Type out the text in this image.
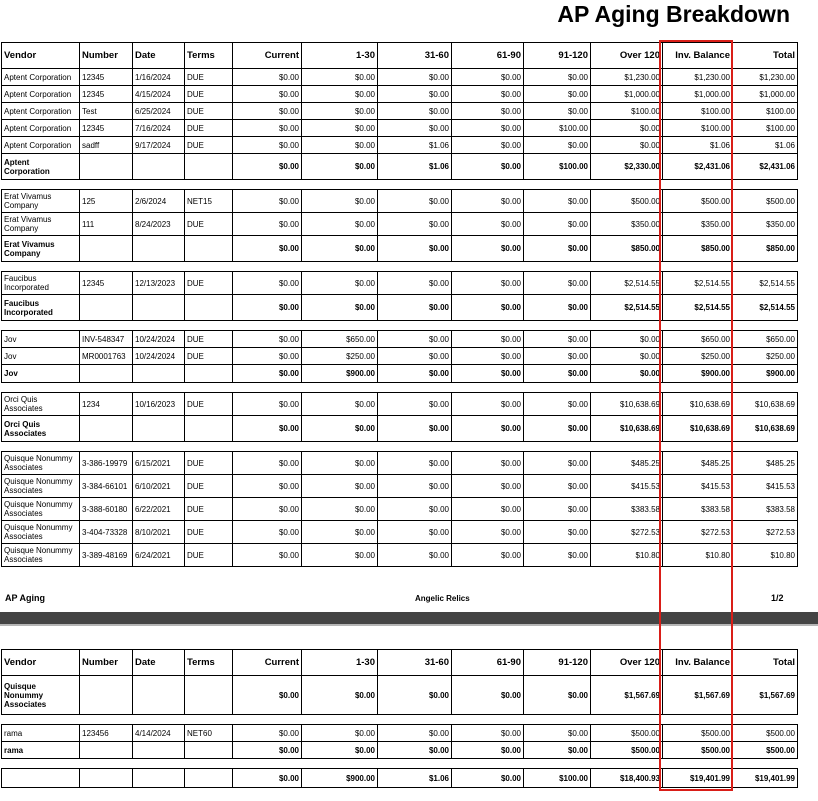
AP Aging Breakdown
Vendor	Number	Date	Terms	Current	1-30	31-60	61-90	91-120	Over 120	Inv. Balance	Total
Aptent Corporation	12345	1/16/2024	DUE	$0.00	$0.00	$0.00	$0.00	$0.00	$1,230.00	$1,230.00	$1,230.00
Aptent Corporation	12345	4/15/2024	DUE	$0.00	$0.00	$0.00	$0.00	$0.00	$1,000.00	$1,000.00	$1,000.00
Aptent Corporation	Test	6/25/2024	DUE	$0.00	$0.00	$0.00	$0.00	$0.00	$100.00	$100.00	$100.00
Aptent Corporation	12345	7/16/2024	DUE	$0.00	$0.00	$0.00	$0.00	$100.00	$0.00	$100.00	$100.00
Aptent Corporation	sadff	9/17/2024	DUE	$0.00	$0.00	$1.06	$0.00	$0.00	$0.00	$1.06	$1.06
Aptent Corporation				$0.00	$0.00	$1.06	$0.00	$100.00	$2,330.00	$2,431.06	$2,431.06

Erat Vivamus Company	125	2/6/2024	NET15	$0.00	$0.00	$0.00	$0.00	$0.00	$500.00	$500.00	$500.00
Erat Vivamus Company	111	8/24/2023	DUE	$0.00	$0.00	$0.00	$0.00	$0.00	$350.00	$350.00	$350.00
Erat Vivamus Company				$0.00	$0.00	$0.00	$0.00	$0.00	$850.00	$850.00	$850.00

Faucibus Incorporated	12345	12/13/2023	DUE	$0.00	$0.00	$0.00	$0.00	$0.00	$2,514.55	$2,514.55	$2,514.55
Faucibus Incorporated				$0.00	$0.00	$0.00	$0.00	$0.00	$2,514.55	$2,514.55	$2,514.55

Jov	INV-548347	10/24/2024	DUE	$0.00	$650.00	$0.00	$0.00	$0.00	$0.00	$650.00	$650.00
Jov	MR0001763	10/24/2024	DUE	$0.00	$250.00	$0.00	$0.00	$0.00	$0.00	$250.00	$250.00
Jov				$0.00	$900.00	$0.00	$0.00	$0.00	$0.00	$900.00	$900.00

Orci Quis Associates	1234	10/16/2023	DUE	$0.00	$0.00	$0.00	$0.00	$0.00	$10,638.69	$10,638.69	$10,638.69
Orci Quis Associates				$0.00	$0.00	$0.00	$0.00	$0.00	$10,638.69	$10,638.69	$10,638.69

Quisque Nonummy Associates	3-386-19979	6/15/2021	DUE	$0.00	$0.00	$0.00	$0.00	$0.00	$485.25	$485.25	$485.25
Quisque Nonummy Associates	3-384-66101	6/10/2021	DUE	$0.00	$0.00	$0.00	$0.00	$0.00	$415.53	$415.53	$415.53
Quisque Nonummy Associates	3-388-60180	6/22/2021	DUE	$0.00	$0.00	$0.00	$0.00	$0.00	$383.58	$383.58	$383.58
Quisque Nonummy Associates	3-404-73328	8/10/2021	DUE	$0.00	$0.00	$0.00	$0.00	$0.00	$272.53	$272.53	$272.53
Quisque Nonummy Associates	3-389-48169	6/24/2021	DUE	$0.00	$0.00	$0.00	$0.00	$0.00	$10.80	$10.80	$10.80
AP Aging	Angelic Relics	1/2
Vendor	Number	Date	Terms	Current	1-30	31-60	61-90	91-120	Over 120	Inv. Balance	Total
Quisque Nonummy Associates				$0.00	$0.00	$0.00	$0.00	$0.00	$1,567.69	$1,567.69	$1,567.69

rama	123456	4/14/2024	NET60	$0.00	$0.00	$0.00	$0.00	$0.00	$500.00	$500.00	$500.00
rama				$0.00	$0.00	$0.00	$0.00	$0.00	$500.00	$500.00	$500.00

				$0.00	$900.00	$1.06	$0.00	$100.00	$18,400.93	$19,401.99	$19,401.99
